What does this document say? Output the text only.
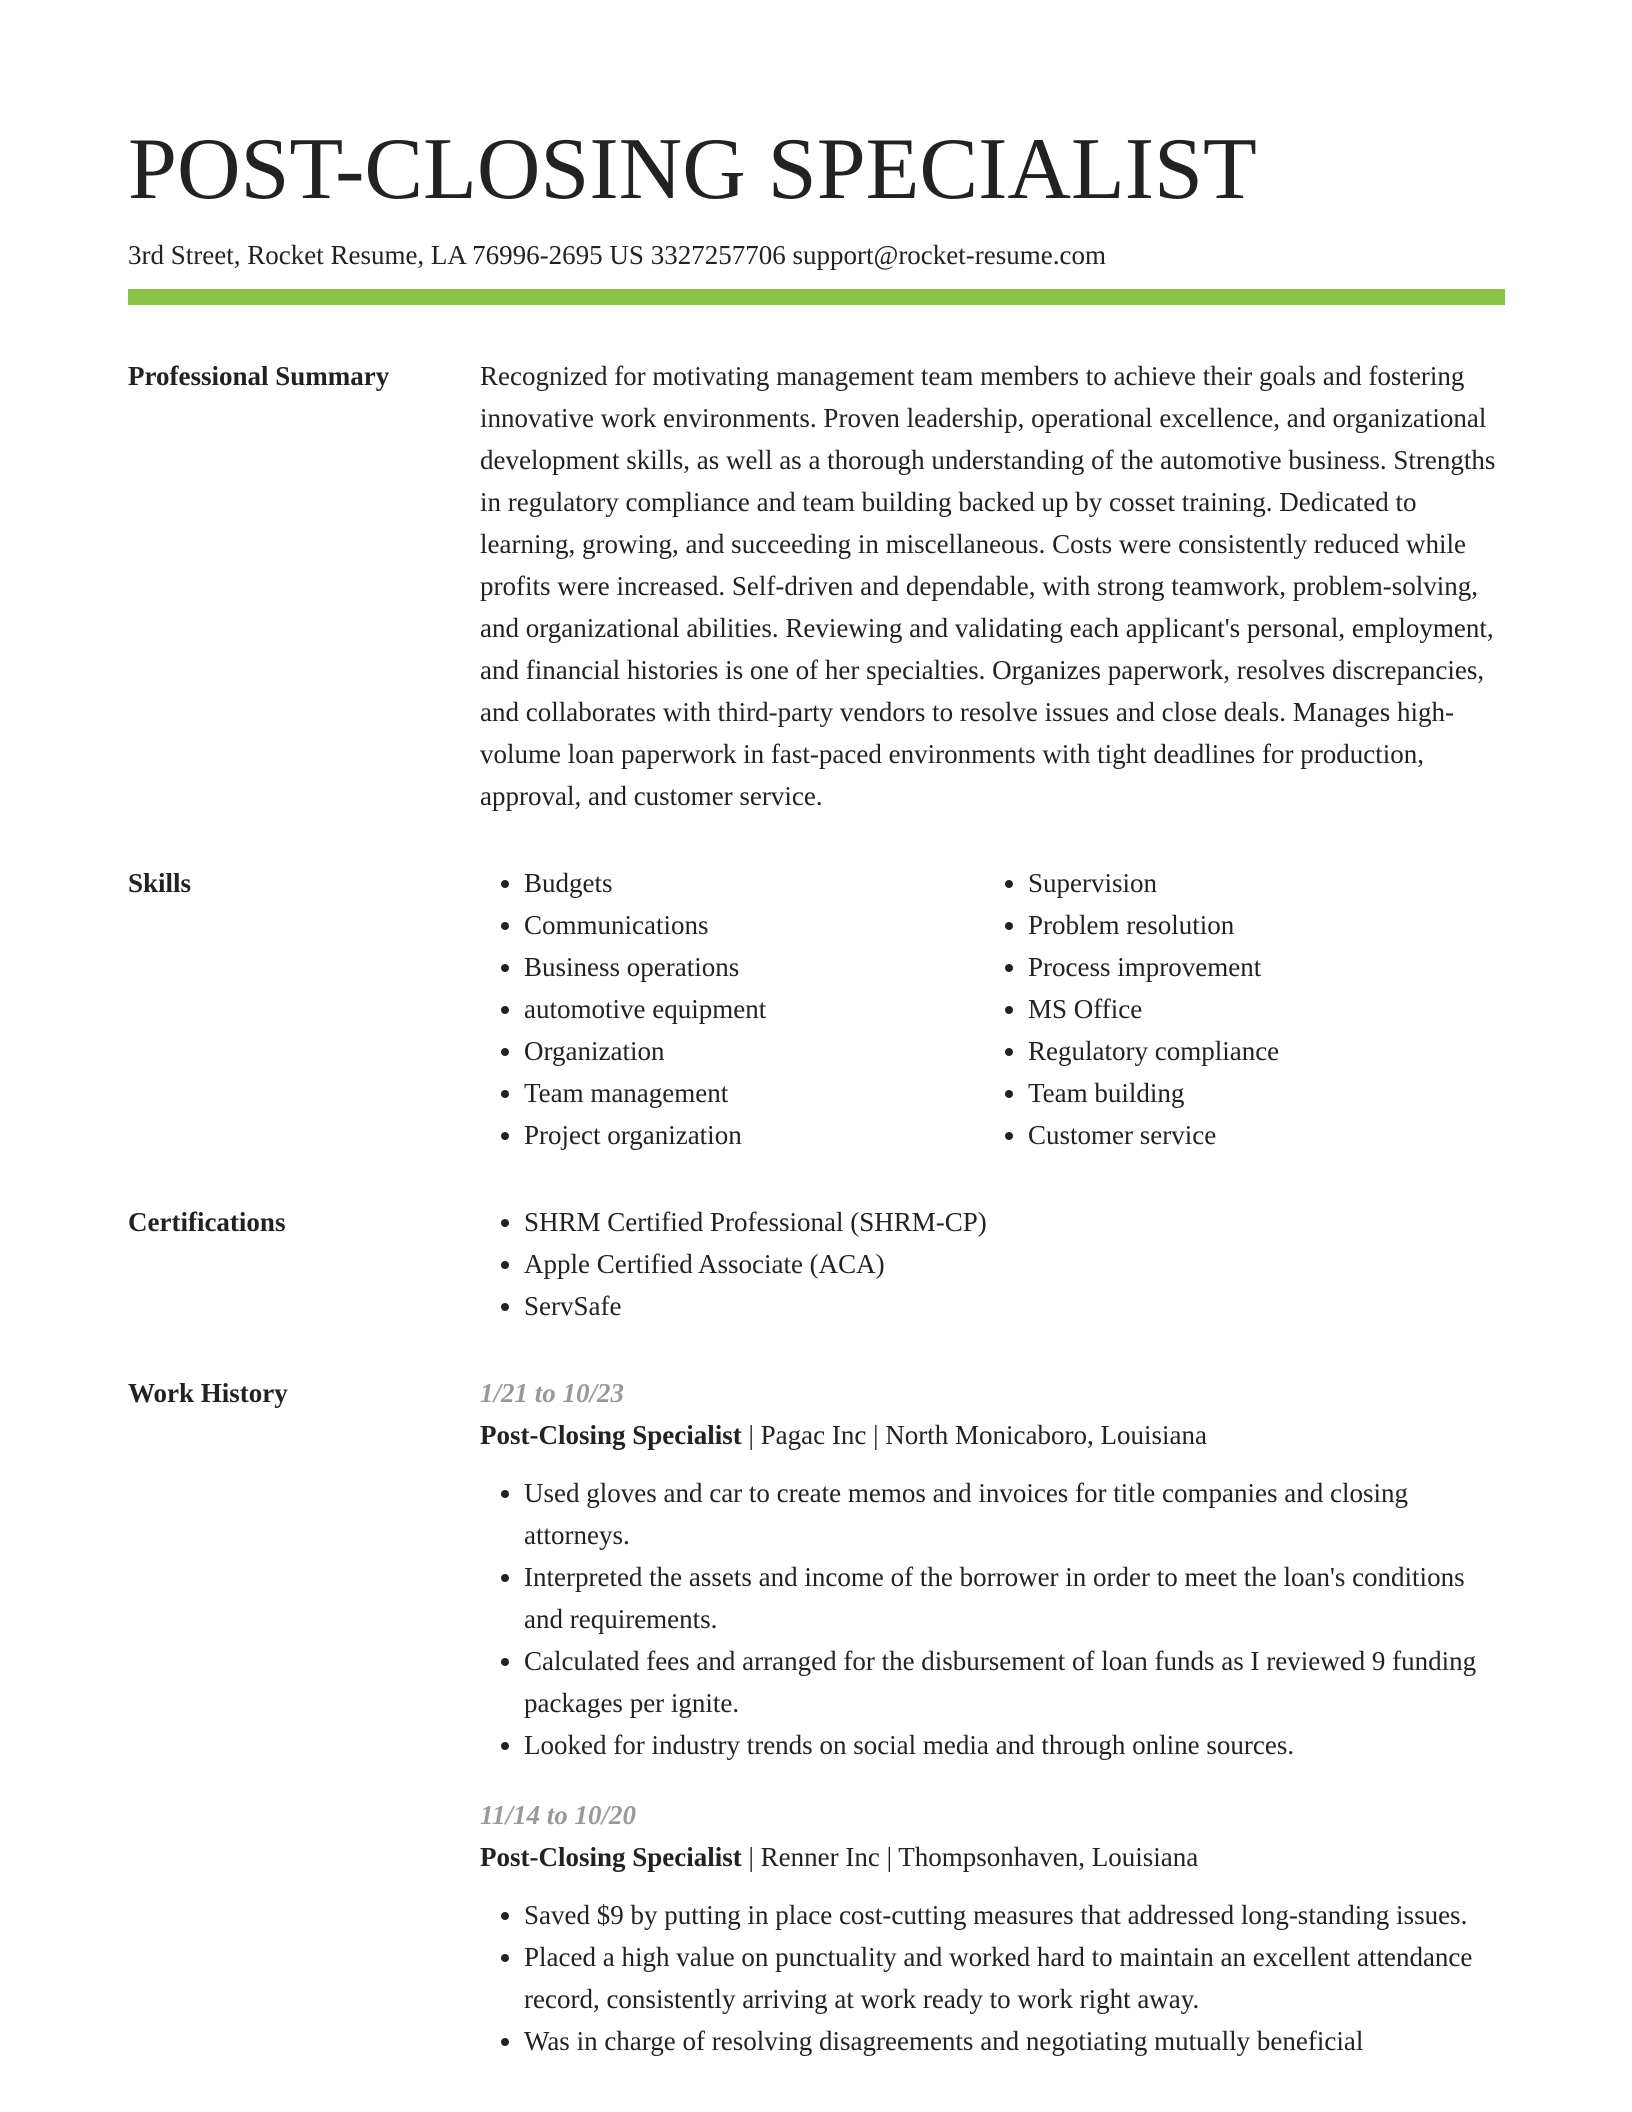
POST-CLOSING SPECIALIST
3rd Street, Rocket Resume, LA 76996-2695 US 3327257706 support@rocket-resume.com
Professional Summary	Recognized for motivating management team members to achieve their goals and fostering innovative work environments. Proven leadership, operational excellence, and organizational development skills, as well as a thorough understanding of the automotive business. Strengths in regulatory compliance and team building backed up by cosset training. Dedicated to learning, growing, and succeeding in miscellaneous. Costs were consistently reduced while profits were increased. Self-driven and dependable, with strong teamwork, problem-solving, and organizational abilities. Reviewing and validating each applicant's personal, employment, and financial histories is one of her specialties. Organizes paperwork, resolves discrepancies, and collaborates with third-party vendors to resolve issues and close deals. Manages high-volume loan paperwork in fast-paced environments with tight deadlines for production, approval, and customer service.

Skills	• Budgets
• Communications
• Business operations
• automotive equipment
• Organization
• Team management
• Project organization
• Supervision
• Problem resolution
• Process improvement
• MS Office
• Regulatory compliance
• Team building
• Customer service
Certifications	• SHRM Certified Professional (SHRM-CP)
• Apple Certified Associate (ACA)
• ServSafe
Work History	1/21 to 10/23
Post-Closing Specialist | Pagac Inc | North Monicaboro, Louisiana
• Used gloves and car to create memos and invoices for title companies and closing attorneys.
• Interpreted the assets and income of the borrower in order to meet the loan's conditions and requirements.
• Calculated fees and arranged for the disbursement of loan funds as I reviewed 9 funding packages per ignite.
• Looked for industry trends on social media and through online sources.
11/14 to 10/20
Post-Closing Specialist | Renner Inc | Thompsonhaven, Louisiana
• Saved $9 by putting in place cost-cutting measures that addressed long-standing issues.
• Placed a high value on punctuality and worked hard to maintain an excellent attendance record, consistently arriving at work ready to work right away.
• Was in charge of resolving disagreements and negotiating mutually beneficial
